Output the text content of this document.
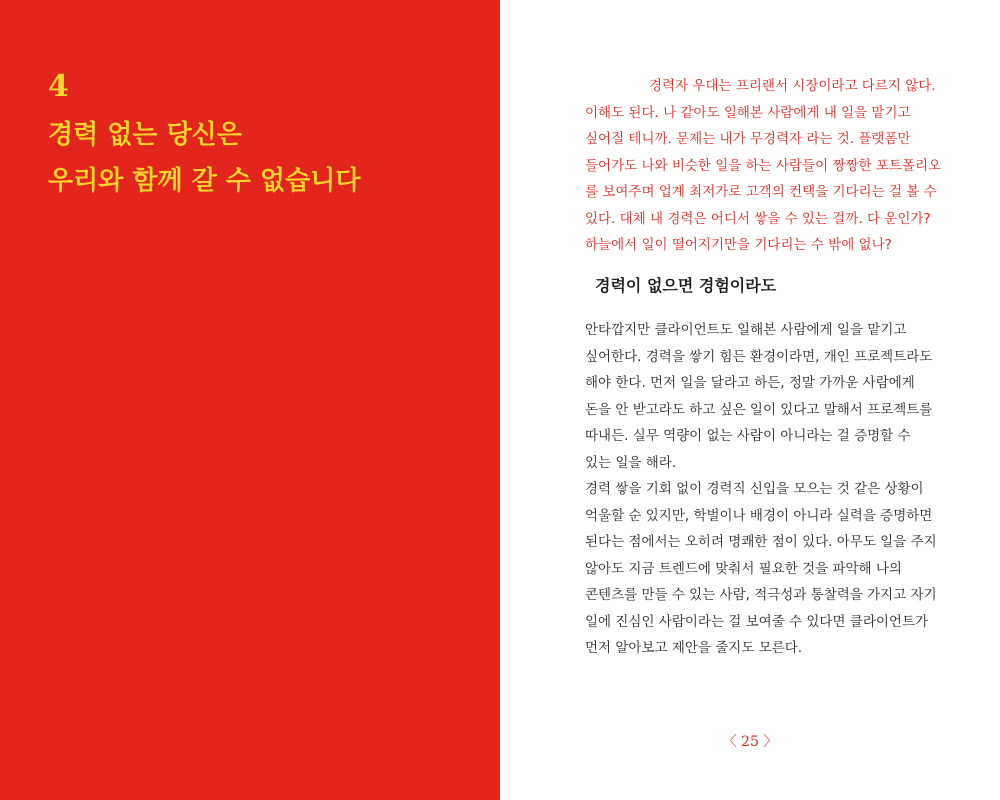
4
경력 없는 당신은
우리와 함께 갈 수 없습니다
경력자 우대는 프리랜서 시장이라고 다르지 않다.
이해도 된다. 나 같아도 일해본 사람에게 내 일을 맡기고
싶어질 테니까. 문제는 내가 무경력자 라는 것. 플랫폼만
들어가도 나와 비슷한 일을 하는 사람들이 짱짱한 포트폴리오
를 보여주며 업계 최저가로 고객의 컨택을 기다리는 걸 볼 수
있다. 대체 내 경력은 어디서 쌓을 수 있는 걸까. 다 운인가?
하늘에서 일이 떨어지기만을 기다리는 수 밖에 없나?
경력이 없으면 경험이라도
안타깝지만 클라이언트도 일해본 사람에게 일을 맡기고
싶어한다. 경력을 쌓기 힘든 환경이라면, 개인 프로젝트라도
해야 한다. 먼저 일을 달라고 하든, 정말 가까운 사람에게
돈을 안 받고라도 하고 싶은 일이 있다고 말해서 프로젝트를
따내든. 실무 역량이 없는 사람이 아니라는 걸 증명할 수
있는 일을 해라.
경력 쌓을 기회 없이 경력직 신입을 모으는 것 같은 상황이
억울할 순 있지만, 학벌이나 배경이 아니라 실력을 증명하면
된다는 점에서는 오히려 명쾌한 점이 있다. 아무도 일을 주지
않아도 지금 트렌드에 맞춰서 필요한 것을 파악해 나의
콘텐츠를 만들 수 있는 사람, 적극성과 통찰력을 가지고 자기
일에 진심인 사람이라는 걸 보여줄 수 있다면 클라이언트가
먼저 알아보고 제안을 줄지도 모른다.
〈 25 〉
